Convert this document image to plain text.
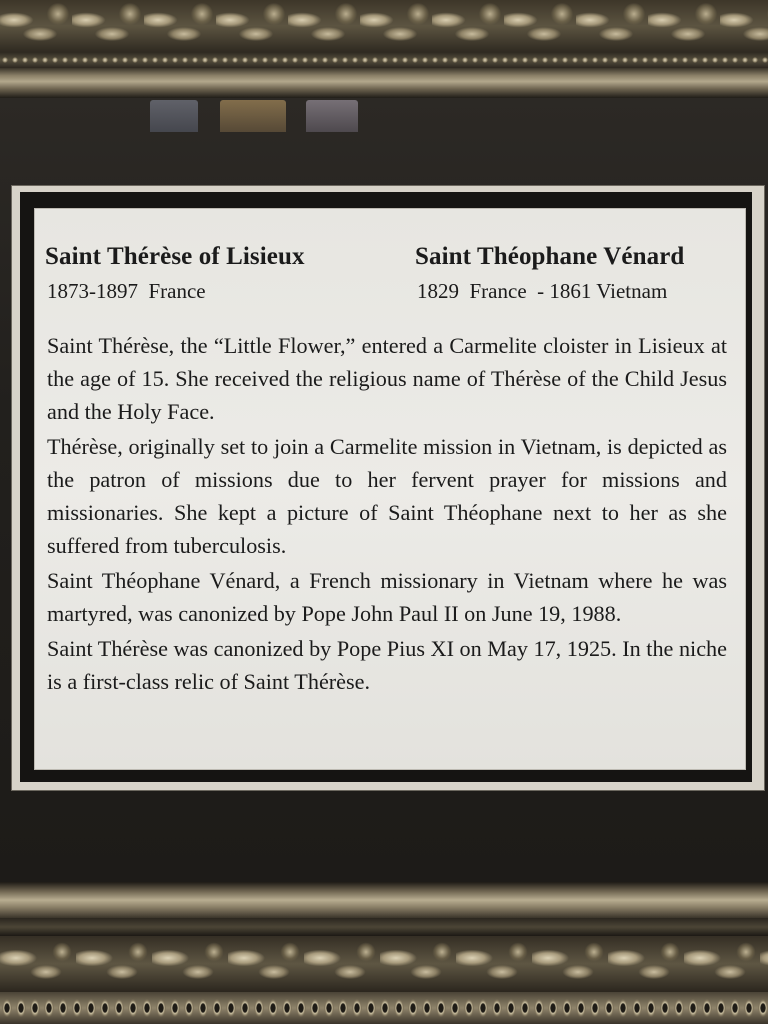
Saint Thérèse of Lisieux
1873-1897  France
Saint Théophane Vénard
1829  France  - 1861 Vietnam

Saint Thérèse, the “Little Flower,” entered a Carmelite cloister in Lisieux at the age of 15. She received the religious name of Thérèse of the Child Jesus and the Holy Face.

Thérèse, originally set to join a Carmelite mission in Vietnam, is depicted as the patron of missions due to her fervent prayer for missions and missionaries. She kept a picture of Saint Théophane next to her as she suffered from tuberculosis.

Saint Théophane Vénard, a French missionary in Vietnam where he was martyred, was canonized by Pope John Paul II on June 19, 1988.

Saint Thérèse was canonized by Pope Pius XI on May 17, 1925. In the niche is a first-class relic of Saint Thérèse.
